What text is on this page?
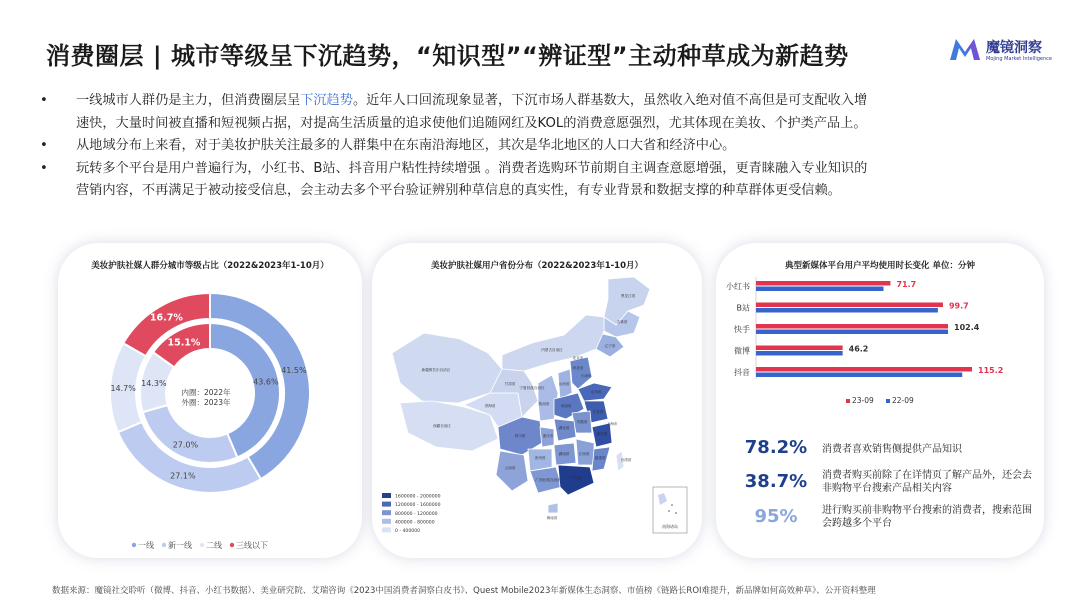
消费圈层 | 城市等级呈下沉趋势，“知识型”“辨证型”主动种草成为新趋势	魔镜洞察
Mojing Market Intelligence
• 一线城市人群仍是主力，但消费圈层呈下沉趋势。近年人口回流现象显著，下沉市场人群基数大，虽然收入绝对值不高但是可支配收入增
速快，大量时间被直播和短视频占据，对提高生活质量的追求使他们追随网红及KOL的消费意愿强烈，尤其体现在美妆、个护类产品上。
• 从地域分布上来看，对于美妆护肤关注最多的人群集中在东南沿海地区，其次是华北地区的人口大省和经济中心。
• 玩转多个平台是用户普遍行为，小红书、B站、抖音用户粘性持续增强 。消费者选购环节前期自主调查意愿增强，更青睐融入专业知识的
营销内容，不再满足于被动接受信息，会主动去多个平台验证辨别种草信息的真实性，有专业背景和数据支撑的种草群体更受信赖。
美妆护肤社媒人群分城市等级占比（2022&2023年1-10月）
43.6%
27.0%
14.3%
15.1%
41.5%
27.1%
14.7%
16.7%
内圈：2022年
外圈：2023年
一线 新一线 二线 三线以下
美妆护肤社媒用户省份分布（2022&2023年1-10月）
黑龙江省
吉林省
辽宁省
内蒙古自治区
新疆维吾尔自治区
西藏自治区
青海省
甘肃省
宁夏回族自治区
陕西省
山西省
河北省
北京市
天津市
山东省
河南省
江苏省
安徽省
湖北省
四川省	重庆市
贵州省
云南省
湖南省	江西省
浙江省
上海市
福建省
广东省
广西壮族自治区
海南省
台湾省
1600000 - 2000000
1200000 - 1600000
800000 - 1200000
400000 - 800000
0 - 400000
南海诸岛
典型新媒体平台用户平均使用时长变化 单位：分钟
小红书	71.7
B站	99.7
快手	102.4
微博	46.2
抖音	115.2
23-09 22-09
78.2%	消费者喜欢销售侧提供产品知识
38.7%	消费者购买前除了在详情页了解产品外，还会去非购物平台搜索产品相关内容
95%	进行购买前非购物平台搜索的消费者，搜索范围会跨越多个平台
数据来源：魔镜社交聆听（微博、抖音、小红书数据）、美业研究院、艾瑞咨询《2023中国消费者洞察白皮书》、Quest Mobile2023年新媒体生态洞察、市值榜《链路长ROI难提升，新品牌如何高效种草》、公开资料整理
